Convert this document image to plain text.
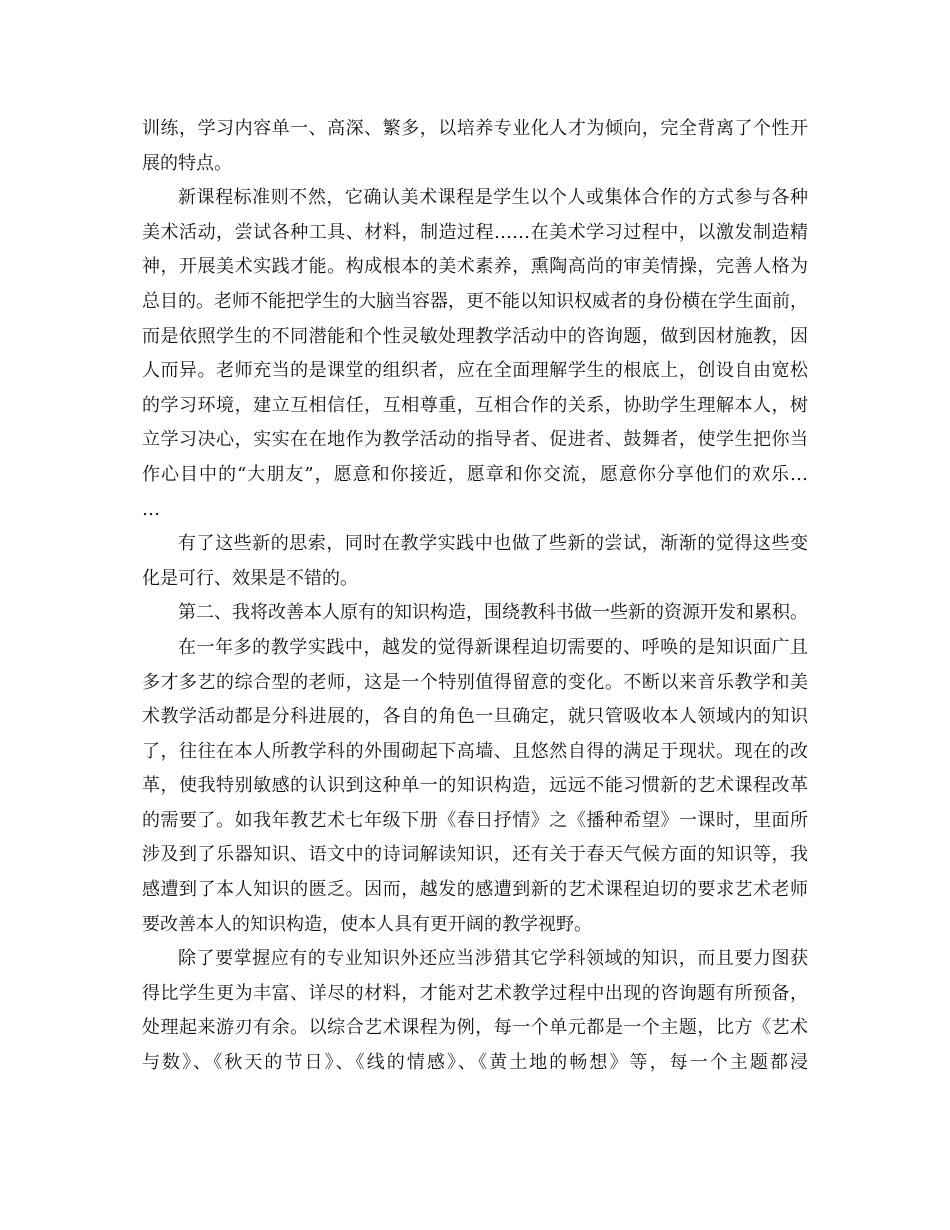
训练，学习内容单一、高深、繁多，以培养专业化人才为倾向，完全背离了个性开
展的特点。
新课程标准则不然，它确认美术课程是学生以个人或集体合作的方式参与各种
美术活动，尝试各种工具、材料，制造过程……在美术学习过程中，以激发制造精
神，开展美术实践才能。构成根本的美术素养，熏陶高尚的审美情操，完善人格为
总目的。老师不能把学生的大脑当容器，更不能以知识权威者的身份横在学生面前，
而是依照学生的不同潜能和个性灵敏处理教学活动中的咨询题，做到因材施教，因
人而异。老师充当的是课堂的组织者，应在全面理解学生的根底上，创设自由宽松
的学习环境，建立互相信任，互相尊重，互相合作的关系，协助学生理解本人，树
立学习决心，实实在在地作为教学活动的指导者、促进者、鼓舞者，使学生把你当
作心目中的“大朋友”，愿意和你接近，愿章和你交流，愿意你分享他们的欢乐…
…
有了这些新的思索，同时在教学实践中也做了些新的尝试，渐渐的觉得这些变
化是可行、效果是不错的。
第二、我将改善本人原有的知识构造，围绕教科书做一些新的资源开发和累积。
在一年多的教学实践中，越发的觉得新课程迫切需要的、呼唤的是知识面广且
多才多艺的综合型的老师，这是一个特别值得留意的变化。不断以来音乐教学和美
术教学活动都是分科进展的，各自的角色一旦确定，就只管吸收本人领域内的知识
了，往往在本人所教学科的外围砌起下高墙、且悠然自得的满足于现状。现在的改
革，使我特别敏感的认识到这种单一的知识构造，远远不能习惯新的艺术课程改革
的需要了。如我年教艺术七年级下册《春日抒情》之《播种希望》一课时，里面所
涉及到了乐器知识、语文中的诗词解读知识，还有关于春天气候方面的知识等，我
感遭到了本人知识的匮乏。因而，越发的感遭到新的艺术课程迫切的要求艺术老师
要改善本人的知识构造，使本人具有更开阔的教学视野。
除了要掌握应有的专业知识外还应当涉猎其它学科领域的知识，而且要力图获
得比学生更为丰富、详尽的材料，才能对艺术教学过程中出现的咨询题有所预备，
处理起来游刃有余。以综合艺术课程为例，每一个单元都是一个主题，比方《艺术
与数》、《秋天的节日》、《线的情感》、《黄土地的畅想》等，每一个主题都浸
